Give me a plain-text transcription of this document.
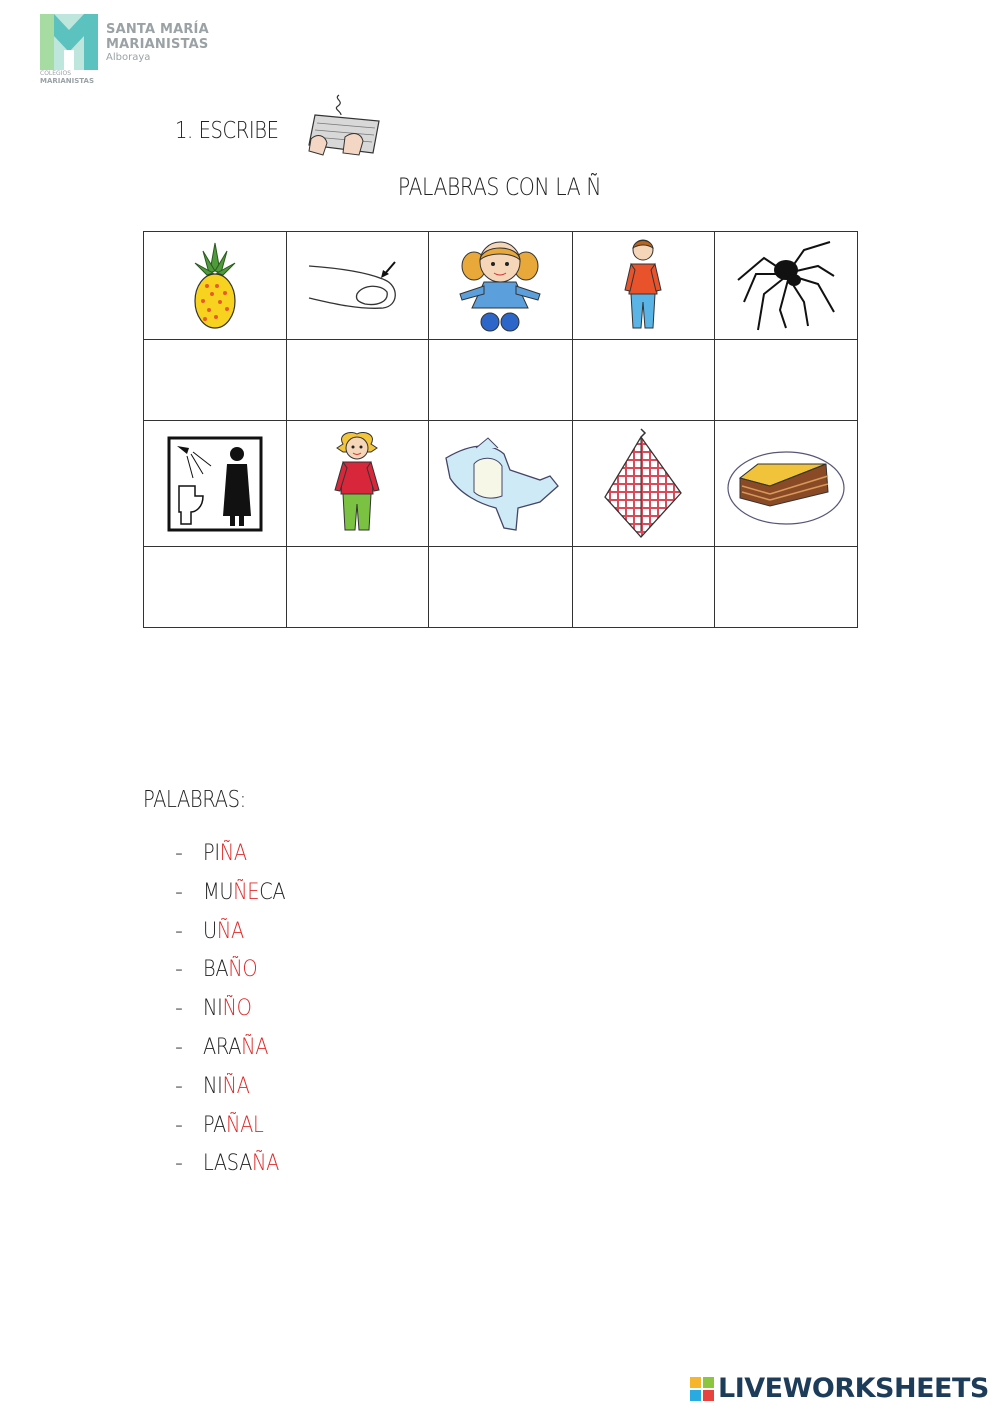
SANTA MARÍA
MARIANISTAS
Alboraya
COLEGIOS
MARIANISTAS
1. ESCRIBE
PALABRAS CON LA Ñ

PALABRAS:
- PIÑA
- MUÑECA
- UÑA
- BAÑO
- NIÑO
- ARAÑA
- NIÑA
- PAÑAL
- LASAÑA
LIVEWORKSHEETS
